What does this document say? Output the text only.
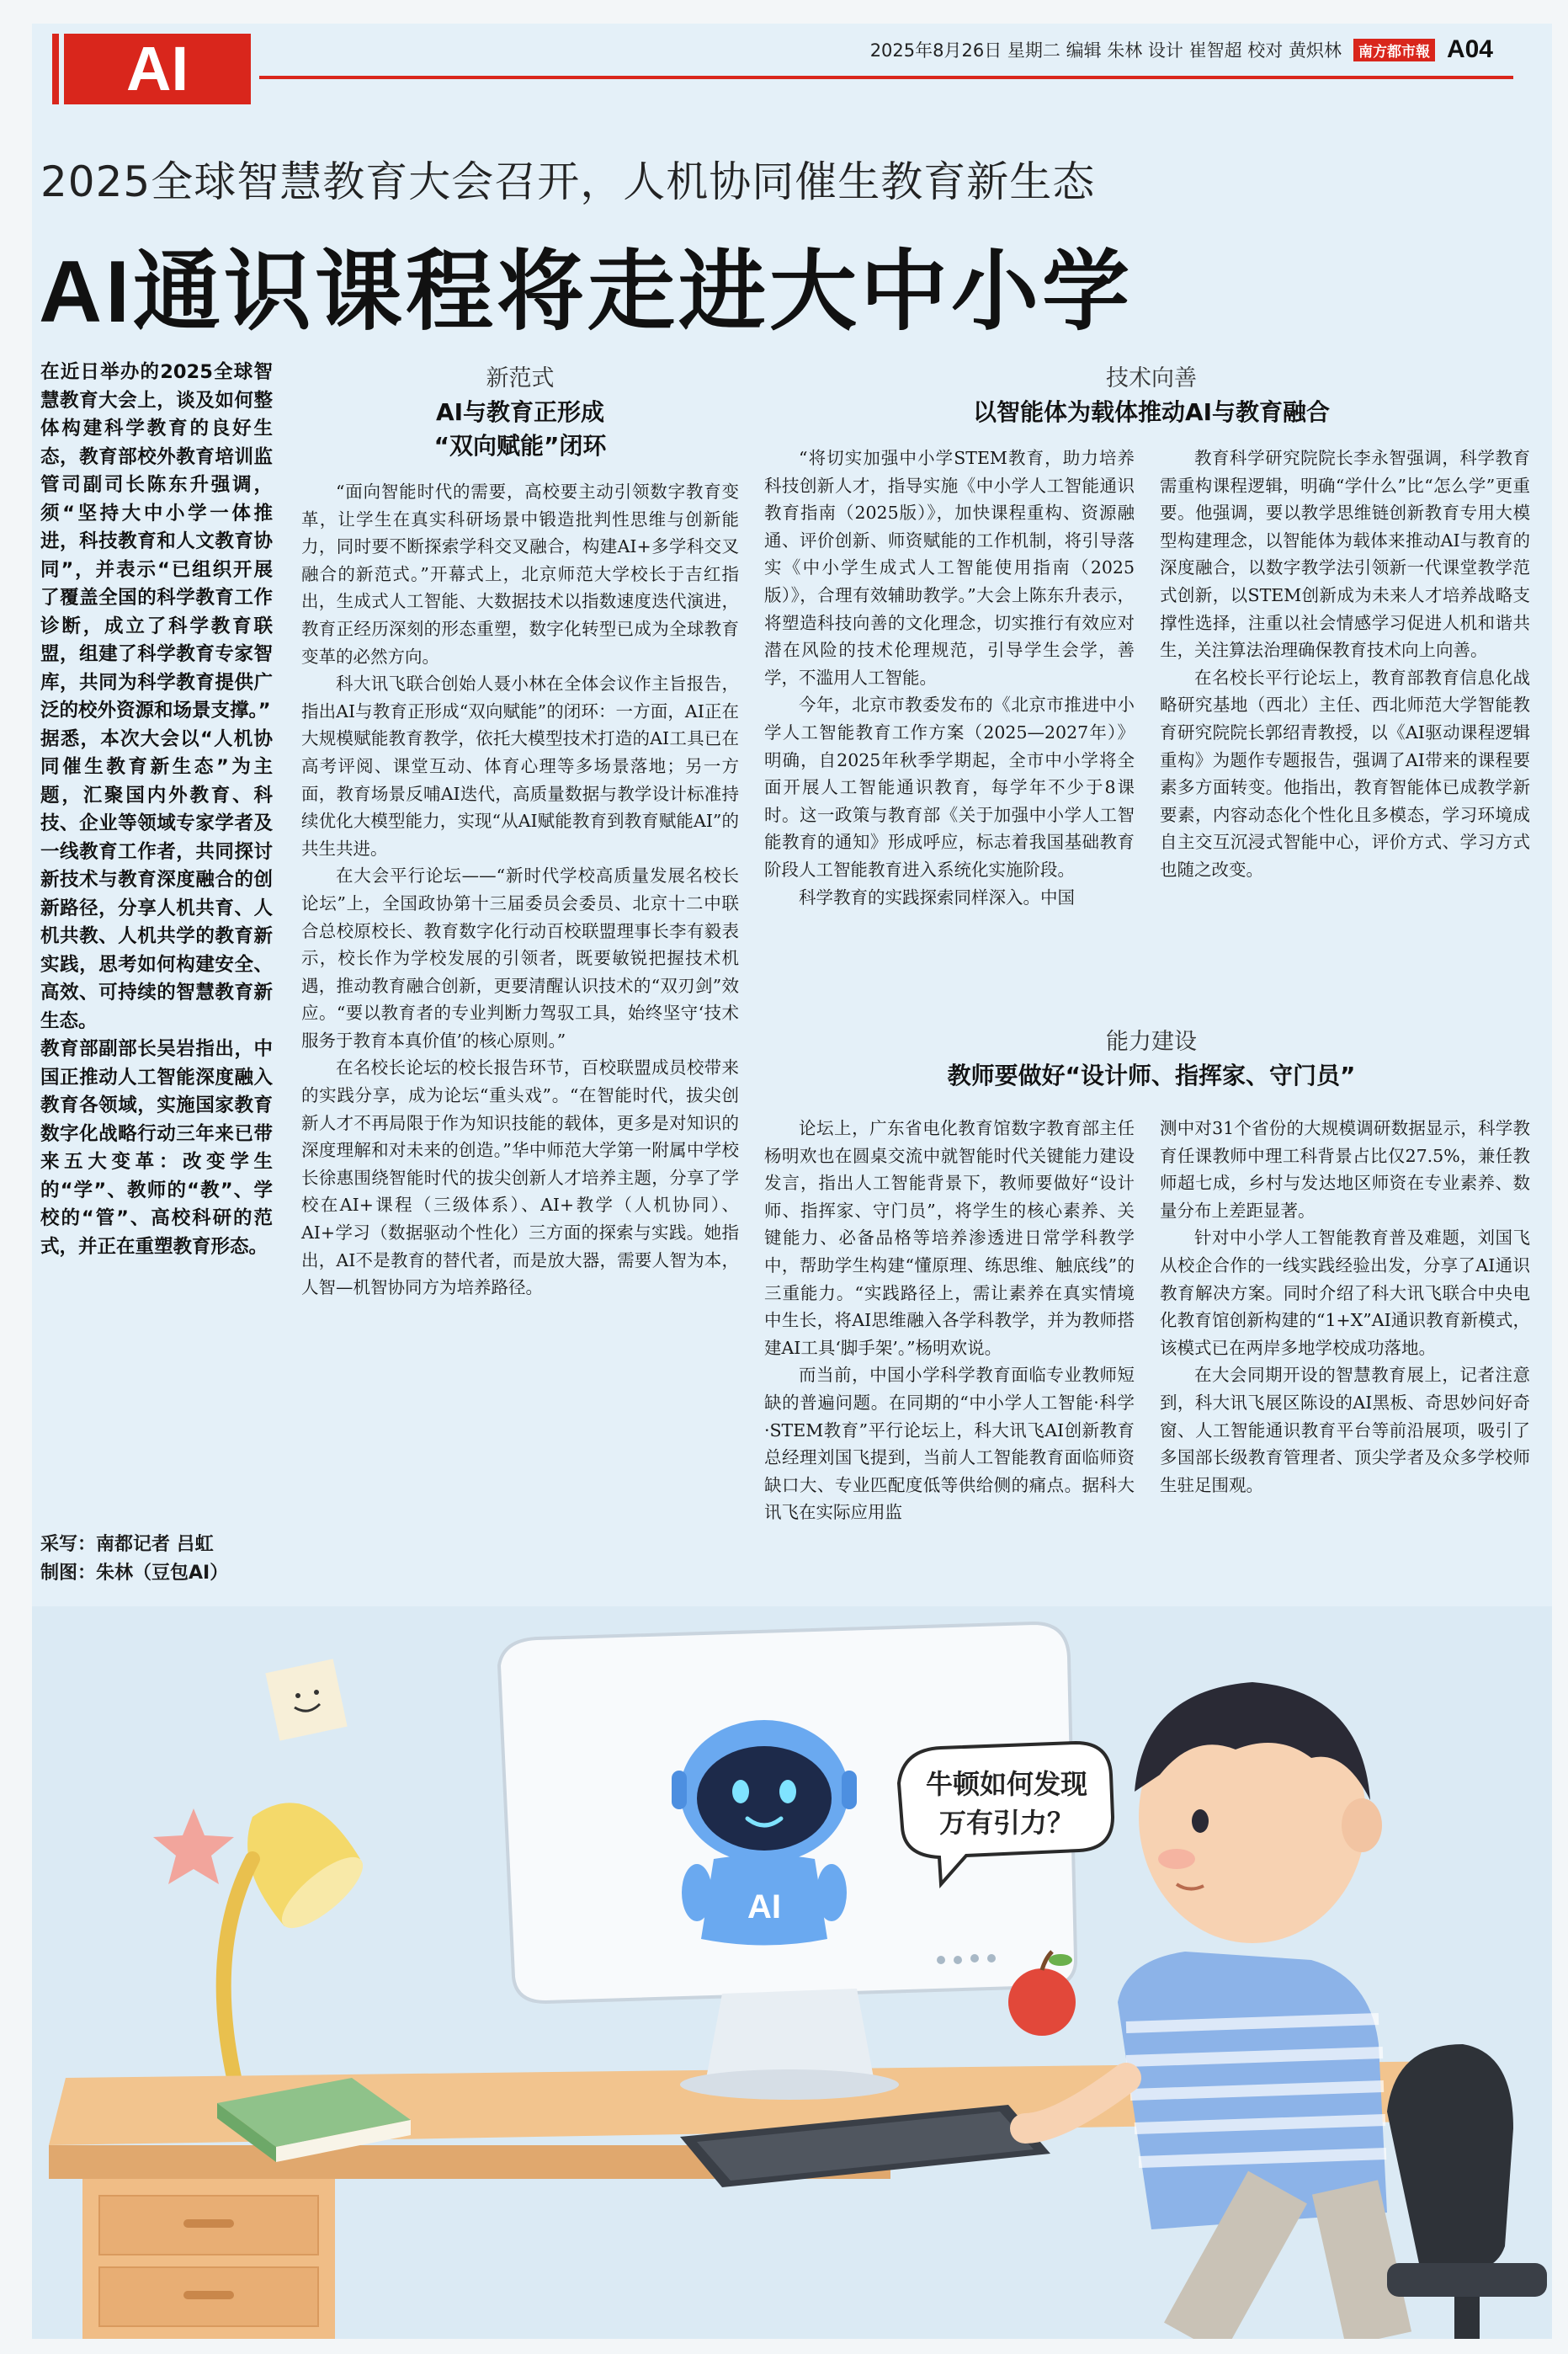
AI	2025年8月26日 星期二 编辑 朱林 设计 崔智超 校对 黄炽林	南方都市報 A04
2025全球智慧教育大会召开，人机协同催生教育新生态
AI通识课程将走进大中小学

在近日举办的2025全球智慧教育大会上，谈及如何整体构建科学教育的良好生态，教育部校外教育培训监管司副司长陈东升强调，须“坚持大中小学一体推进，科技教育和人文教育协同”，并表示“已组织开展了覆盖全国的科学教育工作诊断，成立了科学教育联盟，组建了科学教育专家智库，共同为科学教育提供广泛的校外资源和场景支撑。”

据悉，本次大会以“人机协同催生教育新生态”为主题，汇聚国内外教育、科技、企业等领域专家学者及一线教育工作者，共同探讨新技术与教育深度融合的创新路径，分享人机共育、人机共教、人机共学的教育新实践，思考如何构建安全、高效、可持续的智慧教育新生态。

教育部副部长吴岩指出，中国正推动人工智能深度融入教育各领域，实施国家教育数字化战略行动三年来已带来五大变革：改变学生的“学”、教师的“教”、学校的“管”、高校科研的范式，并正在重塑教育形态。

采写：南都记者 吕虹
制图：朱林（豆包AI）
新范式
AI与教育正形成
“双向赋能”闭环

“面向智能时代的需要，高校要主动引领数字教育变革，让学生在真实科研场景中锻造批判性思维与创新能力，同时要不断探索学科交叉融合，构建AI+多学科交叉融合的新范式。”开幕式上，北京师范大学校长于吉红指出，生成式人工智能、大数据技术以指数速度迭代演进，教育正经历深刻的形态重塑，数字化转型已成为全球教育变革的必然方向。

科大讯飞联合创始人聂小林在全体会议作主旨报告，指出AI与教育正形成“双向赋能”的闭环：一方面，AI正在大规模赋能教育教学，依托大模型技术打造的AI工具已在高考评阅、课堂互动、体育心理等多场景落地；另一方面，教育场景反哺AI迭代，高质量数据与教学设计标准持续优化大模型能力，实现“从AI赋能教育到教育赋能AI”的共生共进。

在大会平行论坛——“新时代学校高质量发展名校长论坛”上，全国政协第十三届委员会委员、北京十二中联合总校原校长、教育数字化行动百校联盟理事长李有毅表示，校长作为学校发展的引领者，既要敏锐把握技术机遇，推动教育融合创新，更要清醒认识技术的“双刃剑”效应。“要以教育者的专业判断力驾驭工具，始终坚守‘技术服务于教育本真价值’的核心原则。”

在名校长论坛的校长报告环节，百校联盟成员校带来的实践分享，成为论坛“重头戏”。“在智能时代，拔尖创新人才不再局限于作为知识技能的载体，更多是对知识的深度理解和对未来的创造。”华中师范大学第一附属中学校长徐惠围绕智能时代的拔尖创新人才培养主题，分享了学校在AI+课程（三级体系）、AI+教学（人机协同）、AI+学习（数据驱动个性化）三方面的探索与实践。她指出，AI不是教育的替代者，而是放大器，需要人智为本，人智—机智协同方为培养路径。

技术向善
以智能体为载体推动AI与教育融合

“将切实加强中小学STEM教育，助力培养科技创新人才，指导实施《中小学人工智能通识教育指南（2025版）》，加快课程重构、资源融通、评价创新、师资赋能的工作机制，将引导落实《中小学生成式人工智能使用指南（2025版）》，合理有效辅助教学。”大会上陈东升表示，将塑造科技向善的文化理念，切实推行有效应对潜在风险的技术伦理规范，引导学生会学，善学，不滥用人工智能。

今年，北京市教委发布的《北京市推进中小学人工智能教育工作方案（2025—2027年）》明确，自2025年秋季学期起，全市中小学将全面开展人工智能通识教育，每学年不少于8课时。这一政策与教育部《关于加强中小学人工智能教育的通知》形成呼应，标志着我国基础教育阶段人工智能教育进入系统化实施阶段。

科学教育的实践探索同样深入。中国

教育科学研究院院长李永智强调，科学教育需重构课程逻辑，明确“学什么”比“怎么学”更重要。他强调，要以教学思维链创新教育专用大模型构建理念，以智能体为载体来推动AI与教育的深度融合，以数字教学法引领新一代课堂教学范式创新，以STEM创新成为未来人才培养战略支撑性选择，注重以社会情感学习促进人机和谐共生，关注算法治理确保教育技术向上向善。

在名校长平行论坛上，教育部教育信息化战略研究基地（西北）主任、西北师范大学智能教育研究院院长郭绍青教授，以《AI驱动课程逻辑重构》为题作专题报告，强调了AI带来的课程要素多方面转变。他指出，教育智能体已成教学新要素，内容动态化个性化且多模态，学习环境成自主交互沉浸式智能中心，评价方式、学习方式也随之改变。

能力建设
教师要做好“设计师、指挥家、守门员”

论坛上，广东省电化教育馆数字教育部主任杨明欢也在圆桌交流中就智能时代关键能力建设发言，指出人工智能背景下，教师要做好“设计师、指挥家、守门员”，将学生的核心素养、关键能力、必备品格等培养渗透进日常学科教学中，帮助学生构建“懂原理、练思维、触底线”的三重能力。“实践路径上，需让素养在真实情境中生长，将AI思维融入各学科教学，并为教师搭建AI工具‘脚手架’。”杨明欢说。

而当前，中国小学科学教育面临专业教师短缺的普遍问题。在同期的“中小学人工智能·科学·STEM教育”平行论坛上，科大讯飞AI创新教育总经理刘国飞提到，当前人工智能教育面临师资缺口大、专业匹配度低等供给侧的痛点。据科大讯飞在实际应用监

测中对31个省份的大规模调研数据显示，科学教育任课教师中理工科背景占比仅27.5%，兼任教师超七成，乡村与发达地区师资在专业素养、数量分布上差距显著。

针对中小学人工智能教育普及难题，刘国飞从校企合作的一线实践经验出发，分享了AI通识教育解决方案。同时介绍了科大讯飞联合中央电化教育馆创新构建的“1+X”AI通识教育新模式，该模式已在两岸多地学校成功落地。

在大会同期开设的智慧教育展上，记者注意到，科大讯飞展区陈设的AI黑板、奇思妙问好奇窗、人工智能通识教育平台等前沿展项，吸引了多国部长级教育管理者、顶尖学者及众多学校师生驻足围观。

AI
牛顿如何发现
万有引力？
